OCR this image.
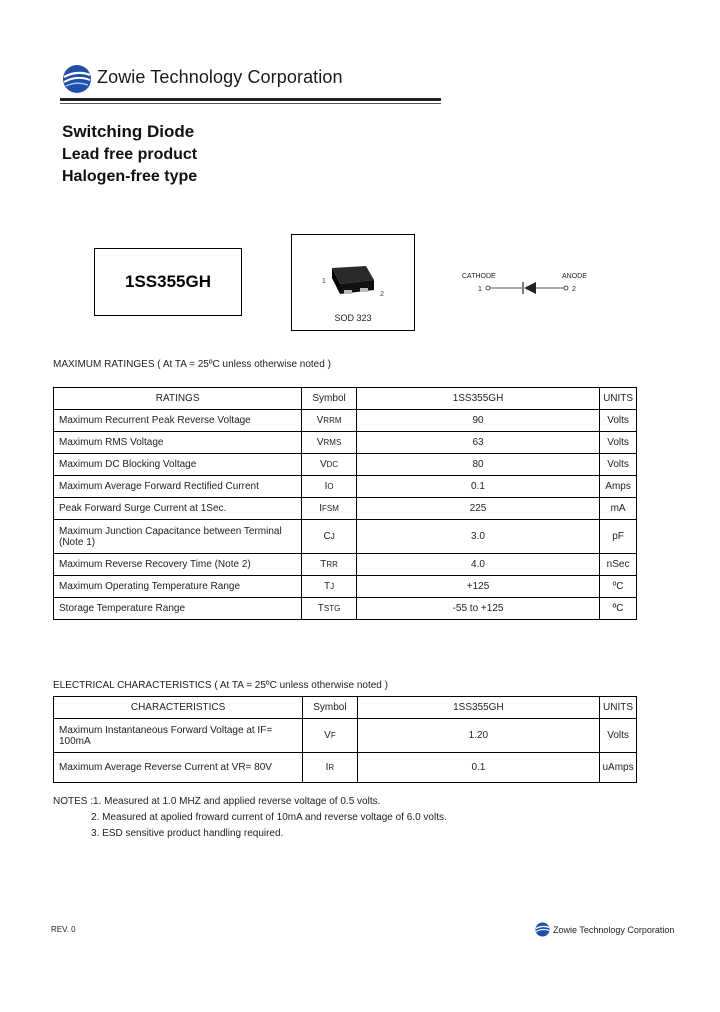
Zowie Technology Corporation
Switching Diode
Lead free product
Halogen-free type
1SS355GH	1
2
SOD 323
CATHODE	ANODE
1	2
MAXIMUM RATINGES ( At TA = 25ºC unless otherwise noted )
RATINGS	Symbol	1SS355GH	UNITS
Maximum Recurrent Peak Reverse Voltage	VRRM	90	Volts
Maximum RMS Voltage	VRMS	63	Volts
Maximum DC Blocking Voltage	VDC	80	Volts
Maximum Average Forward Rectified Current	IO	0.1	Amps
Peak Forward Surge Current at 1Sec.	IFSM	225	mA
Maximum Junction Capacitance between Terminal (Note 1)	CJ	3.0	pF
Maximum Reverse Recovery Time (Note 2)	TRR	4.0	nSec
Maximum Operating Temperature Range	TJ	+125	ºC
Storage Temperature Range	TSTG	-55 to +125	ºC
ELECTRICAL CHARACTERISTICS ( At TA = 25ºC unless otherwise noted )
CHARACTERISTICS	Symbol	1SS355GH	UNITS
Maximum Instantaneous Forward Voltage at IF= 100mA	VF	1.20	Volts
Maximum Average Reverse Current at VR= 80V	IR	0.1	uAmps
NOTES :1. Measured at 1.0 MHZ and applied reverse voltage of 0.5 volts.
2. Measured at apolied froward current of 10mA and reverse voltage of 6.0 volts.
3. ESD sensitive product handling required.
REV. 0	Zowie Technology Corporation
